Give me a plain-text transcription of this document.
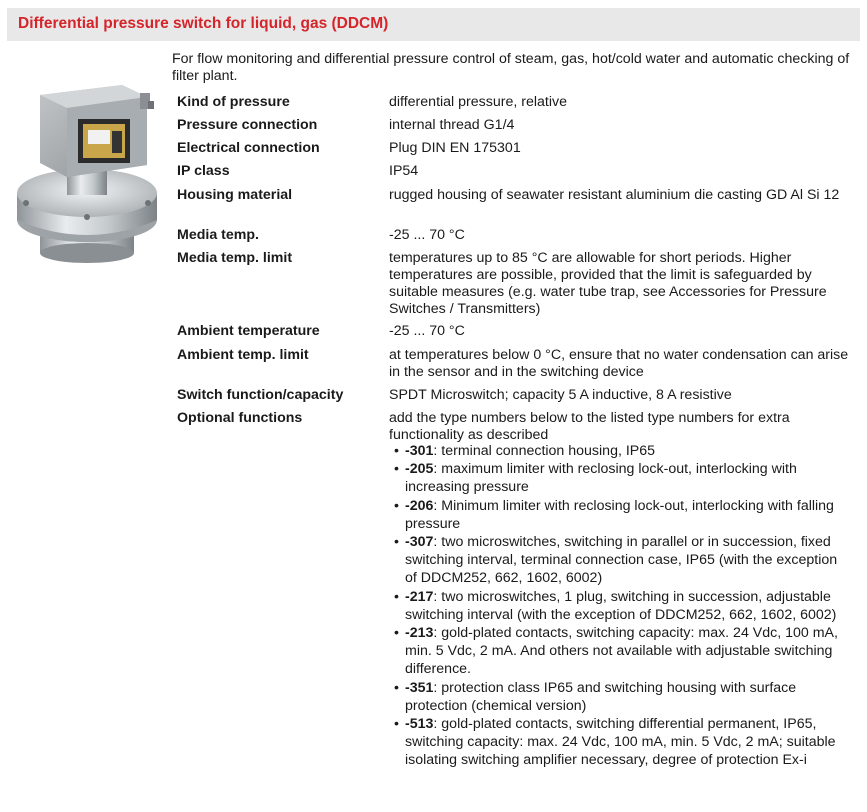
Differential pressure switch for liquid, gas (DDCM)
For flow monitoring and differential pressure control of steam, gas, hot/cold water and automatic checking of filter plant.
Kind of pressure	differential pressure, relative
Pressure connection	internal thread G1/4
Electrical connection	Plug DIN EN 175301
IP class	IP54
Housing material	rugged housing of seawater resistant aluminium die casting GD Al Si 12
Media temp.	-25 ... 70 °C
Media temp. limit	temperatures up to 85 °C are allowable for short periods. Higher temperatures are possible, provided that the limit is safeguarded by suitable measures (e.g. water tube trap, see Accessories for Pressure Switches / Transmitters)
Ambient temperature	-25 ... 70 °C
Ambient temp. limit	at temperatures below 0 °C, ensure that no water condensation can arise in the sensor and in the switching device
Switch function/capacity	SPDT Microswitch; capacity 5 A inductive, 8 A resistive
Optional functions	add the type numbers below to the listed type numbers for extra functionality as described
• -301: terminal connection housing, IP65
• -205: maximum limiter with reclosing lock-out, interlocking with increasing pressure
• -206: Minimum limiter with reclosing lock-out, interlocking with falling pressure
• -307: two microswitches, switching in parallel or in succession, fixed switching interval, terminal connection case, IP65 (with the exception of DDCM252, 662, 1602, 6002)
• -217: two microswitches, 1 plug, switching in succession, adjustable switching interval (with the exception of DDCM252, 662, 1602, 6002)
• -213: gold-plated contacts, switching capacity: max. 24 Vdc, 100 mA, min. 5 Vdc, 2 mA. And others not available with adjustable switching difference.
• -351: protection class IP65 and switching housing with surface protection (chemical version)
• -513: gold-plated contacts, switching differential permanent, IP65, switching capacity: max. 24 Vdc, 100 mA, min. 5 Vdc, 2 mA; suitable isolating switching amplifier necessary, degree of protection Ex-i
